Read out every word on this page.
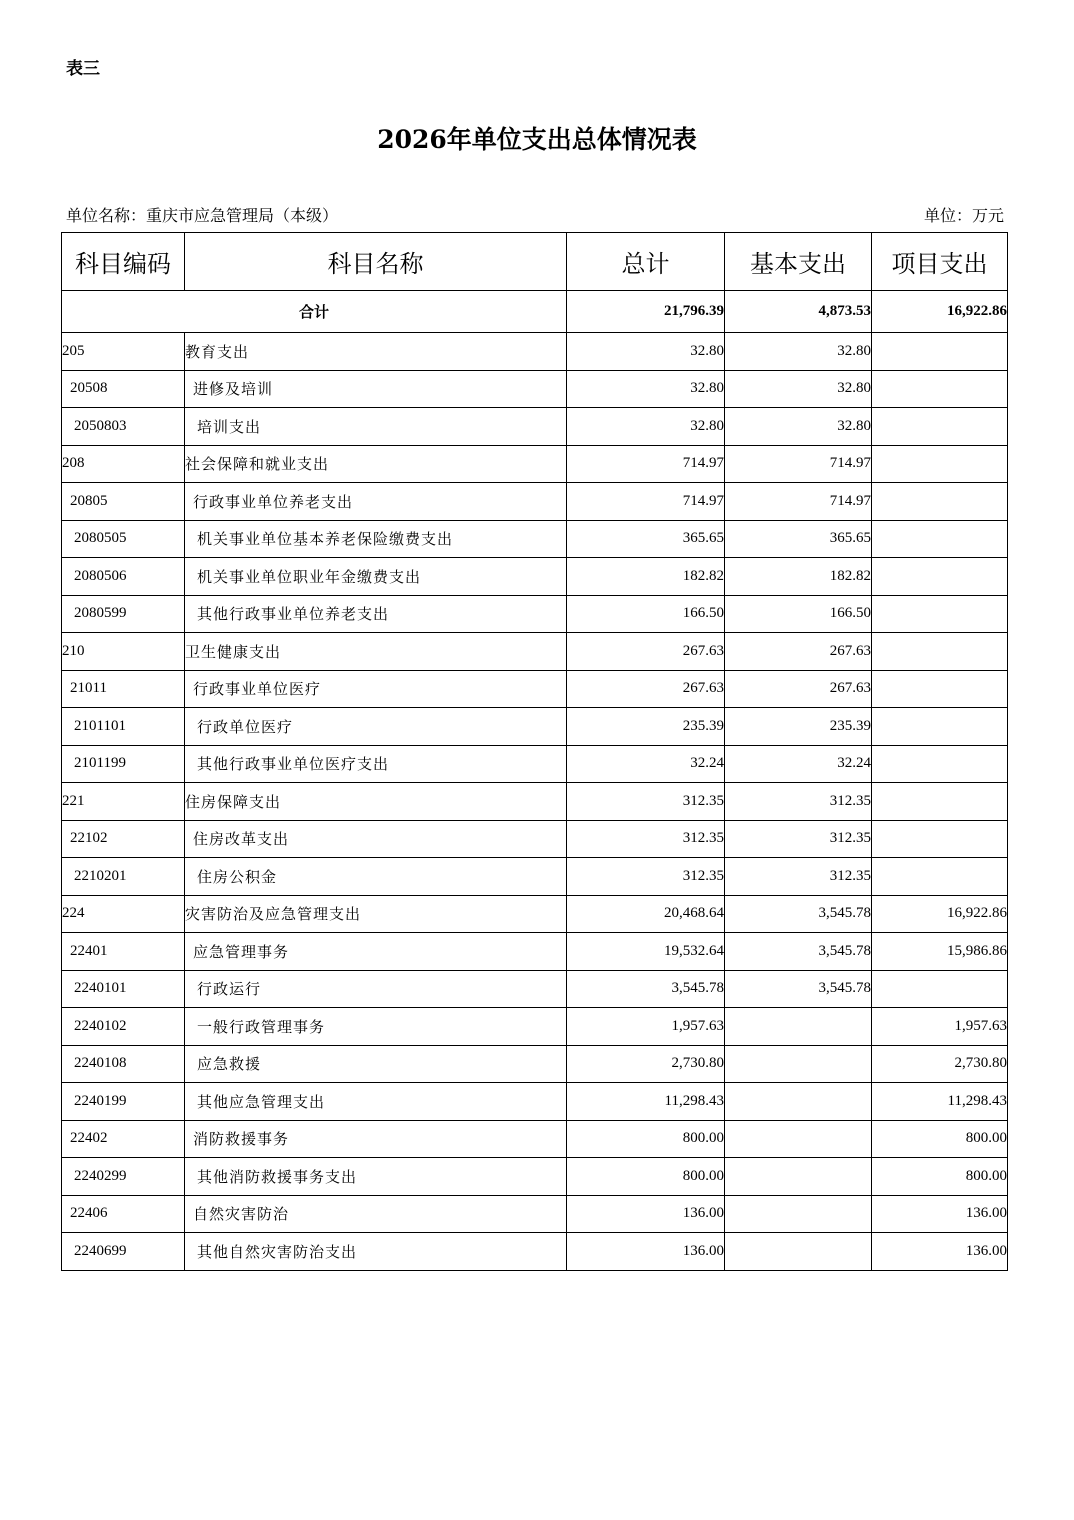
表三
2026年单位支出总体情况表
单位名称：重庆市应急管理局（本级）	单位：万元
科目编码	科目名称	总计	基本支出	项目支出
合计		21,796.39	4,873.53	16,922.86
205	教育支出	32.80	32.80	
20508	进修及培训	32.80	32.80	
2050803	培训支出	32.80	32.80	
208	社会保障和就业支出	714.97	714.97	
20805	行政事业单位养老支出	714.97	714.97	
2080505	机关事业单位基本养老保险缴费支出	365.65	365.65	
2080506	机关事业单位职业年金缴费支出	182.82	182.82	
2080599	其他行政事业单位养老支出	166.50	166.50	
210	卫生健康支出	267.63	267.63	
21011	行政事业单位医疗	267.63	267.63	
2101101	行政单位医疗	235.39	235.39	
2101199	其他行政事业单位医疗支出	32.24	32.24	
221	住房保障支出	312.35	312.35	
22102	住房改革支出	312.35	312.35	
2210201	住房公积金	312.35	312.35	
224	灾害防治及应急管理支出	20,468.64	3,545.78	16,922.86
22401	应急管理事务	19,532.64	3,545.78	15,986.86
2240101	行政运行	3,545.78	3,545.78	
2240102	一般行政管理事务	1,957.63		1,957.63
2240108	应急救援	2,730.80		2,730.80
2240199	其他应急管理支出	11,298.43		11,298.43
22402	消防救援事务	800.00		800.00
2240299	其他消防救援事务支出	800.00		800.00
22406	自然灾害防治	136.00		136.00
2240699	其他自然灾害防治支出	136.00		136.00
